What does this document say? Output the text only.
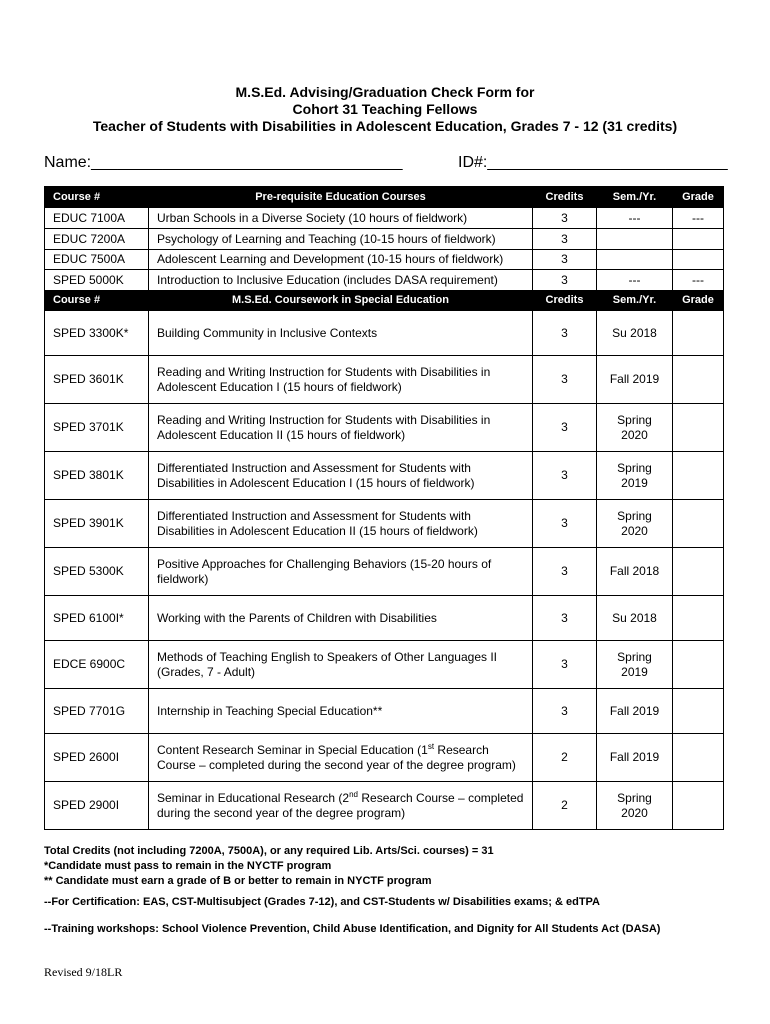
M.S.Ed. Advising/Graduation Check Form for
Cohort 31 Teaching Fellows
Teacher of Students with Disabilities in Adolescent Education, Grades 7 - 12 (31 credits)
Name:___________________________________	ID#:___________________________
Course #	Pre-requisite Education Courses	Credits	Sem./Yr.	Grade
EDUC 7100A	Urban Schools in a Diverse Society (10 hours of fieldwork)	3	---	---
EDUC 7200A	Psychology of Learning and Teaching (10-15 hours of fieldwork)	3		
EDUC 7500A	Adolescent Learning and Development (10-15 hours of fieldwork)	3		
SPED 5000K	Introduction to Inclusive Education (includes DASA requirement)	3	---	---
Course #	M.S.Ed. Coursework in Special Education	Credits	Sem./Yr.	Grade
SPED 3300K*	Building Community in Inclusive Contexts	3	Su 2018	
SPED 3601K	Reading and Writing Instruction for Students with Disabilities in Adolescent Education I (15 hours of fieldwork)	3	Fall 2019	
SPED 3701K	Reading and Writing Instruction for Students with Disabilities in Adolescent Education II (15 hours of fieldwork)	3	Spring 2020	
SPED 3801K	Differentiated Instruction and Assessment for Students with Disabilities in Adolescent Education I (15 hours of fieldwork)	3	Spring 2019	
SPED 3901K	Differentiated Instruction and Assessment for Students with Disabilities in Adolescent Education II (15 hours of fieldwork)	3	Spring 2020	
SPED 5300K	Positive Approaches for Challenging Behaviors (15-20 hours of fieldwork)	3	Fall 2018	
SPED 6100I*	Working with the Parents of Children with Disabilities	3	Su 2018	
EDCE 6900C	Methods of Teaching English to Speakers of Other Languages II (Grades, 7 - Adult)	3	Spring 2019	
SPED 7701G	Internship in Teaching Special Education**	3	Fall 2019	
SPED 2600I	Content Research Seminar in Special Education (1st Research Course – completed during the second year of the degree program)	2	Fall 2019	
SPED 2900I	Seminar in Educational Research (2nd Research Course – completed during the second year of the degree program)	2	Spring 2020	
Total Credits (not including 7200A, 7500A), or any required Lib. Arts/Sci. courses) = 31
*Candidate must pass to remain in the NYCTF program
** Candidate must earn a grade of B or better to remain in NYCTF program
--For Certification: EAS, CST-Multisubject (Grades 7-12), and CST-Students w/ Disabilities exams; & edTPA
--Training workshops: School Violence Prevention, Child Abuse Identification, and Dignity for All Students Act (DASA)
Revised 9/18LR
